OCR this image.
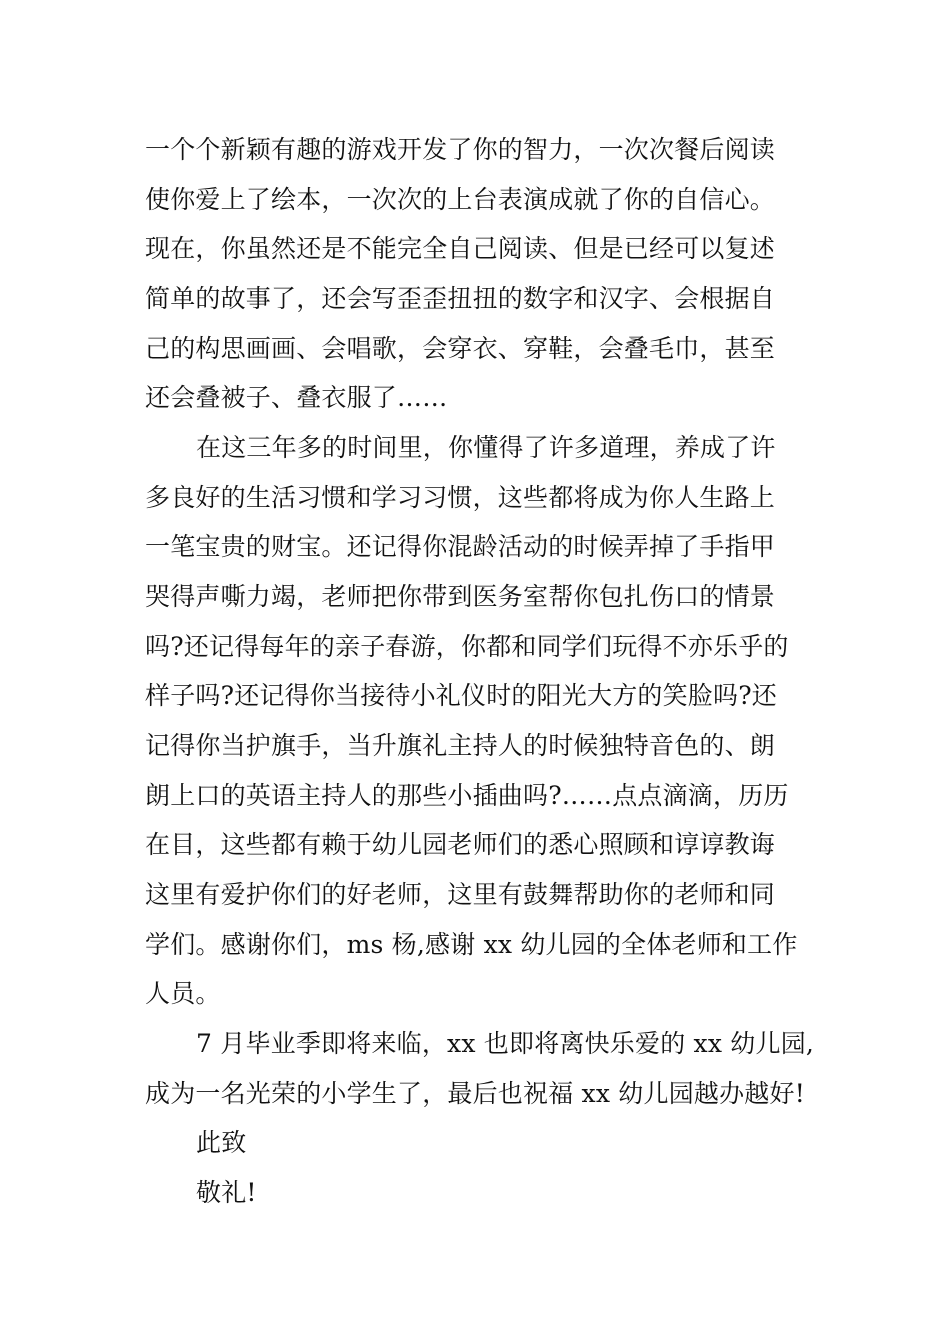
一个个新颖有趣的游戏开发了你的智力，一次次餐后阅读
使你爱上了绘本，一次次的上台表演成就了你的自信心。
现在，你虽然还是不能完全自己阅读、但是已经可以复述
简单的故事了，还会写歪歪扭扭的数字和汉字、会根据自
己的构思画画、会唱歌，会穿衣、穿鞋，会叠毛巾，甚至
还会叠被子、叠衣服了……
在这三年多的时间里，你懂得了许多道理，养成了许
多良好的生活习惯和学习习惯，这些都将成为你人生路上
一笔宝贵的财宝。还记得你混龄活动的时候弄掉了手指甲
哭得声嘶力竭，老师把你带到医务室帮你包扎伤口的情景
吗?还记得每年的亲子春游，你都和同学们玩得不亦乐乎的
样子吗?还记得你当接待小礼仪时的阳光大方的笑脸吗?还
记得你当护旗手，当升旗礼主持人的时候独特音色的、朗
朗上口的英语主持人的那些小插曲吗?……点点滴滴，历历
在目，这些都有赖于幼儿园老师们的悉心照顾和谆谆教诲
这里有爱护你们的好老师，这里有鼓舞帮助你的老师和同
学们。感谢你们，ms 杨,感谢 xx 幼儿园的全体老师和工作
人员。
7 月毕业季即将来临，xx 也即将离快乐爱的 xx 幼儿园,
成为一名光荣的小学生了，最后也祝福 xx 幼儿园越办越好!
此致
敬礼!
